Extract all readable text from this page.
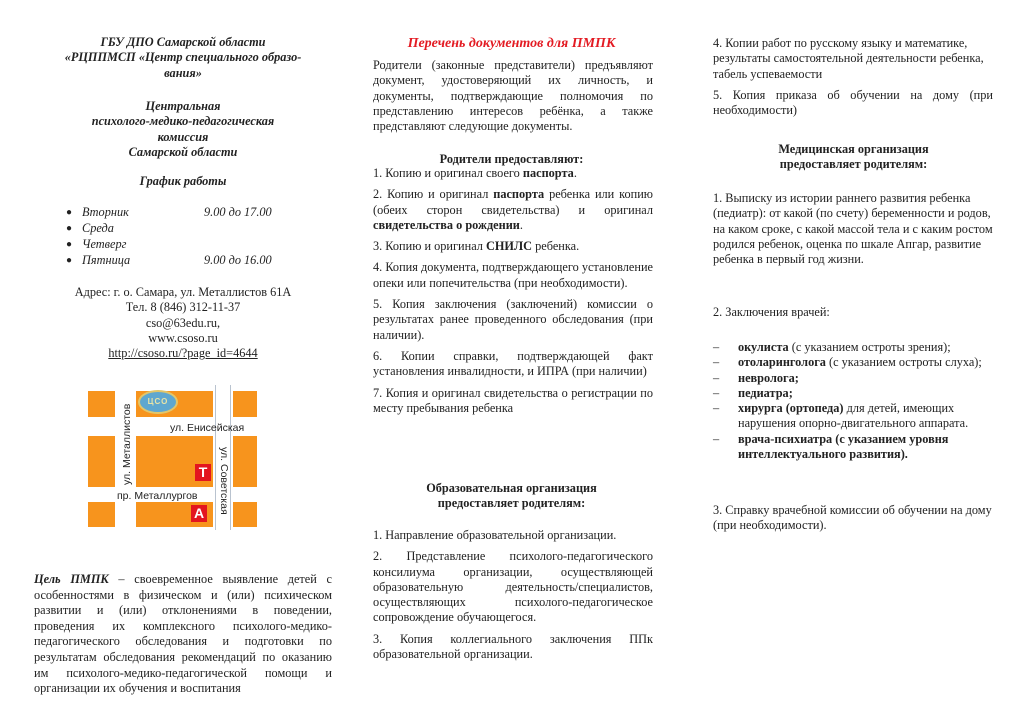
ГБУ ДПО Самарской области
«РЦППМСП «Центр специального образо-
вания»
Центральная
психолого-медико-педагогическая
комиссия
Самарской области
График работы
● Вторник	9.00 до 17.00
● Среда
● Четверг
● Пятница	9.00 до 16.00
Адрес: г. о. Самара, ул. Металлистов 61А
Тел. 8 (846) 312-11-37
cso@63edu.ru,
www.csoso.ru
http://csoso.ru/?page_id=4644
ЦСО
ул. Металлистов	ул. Енисейская
ул. Советская
пр. Металлургов
Т
А
Цель ПМПК – своевременное выявление детей с особенностями в физическом и (или) психическом развитии и (или) отклонениями в поведении, проведения их комплексного психолого-медико-педагогического обследования и подготовки по результатам обследования рекомендаций по оказанию им психолого-медико-педагогической помощи и организации их обучения и воспитания
Перечень документов для ПМПК

Родители (законные представители) предъявляют документ, удостоверяющий их личность, и документы, подтверждающие полномочия по представлению интересов ребёнка, а также представляют следующие документы.

Родители предоставляют:

1. Копию и оригинал своего паспорта.

2. Копию и оригинал паспорта ребенка или копию (обеих сторон свидетельства) и оригинал свидетельства о рождении.

3. Копию и оригинал СНИЛС ребенка.

4. Копия документа, подтверждающего установление опеки или попечительства (при необходимости).

5. Копия заключения (заключений) комиссии о результатах ранее проведенного обследования (при наличии).

6. Копии справки, подтверждающей факт установления инвалидности, и ИПРА (при наличии)

7. Копия и оригинал свидетельства о регистрации по месту пребывания ребенка

Образовательная организация
предоставляет родителям:

1. Направление образовательной организации.

2. Представление психолого-педагогического консилиума организации, осуществляющей образовательную деятельность/специалистов, осуществляющих психолого-педагогическое сопровождение обучающегося.

3. Копия коллегиального заключения ППк образовательной организации.

4. Копии работ по русскому языку и математике, результаты самостоятельной деятельности ребенка, табель успеваемости

5. Копия приказа об обучении на дому (при необходимости)

Медицинская организация
предоставляет родителям:

1. Выписку из истории раннего развития ребенка (педиатр): от какой (по счету) беременности и родов, на каком сроке, с какой массой тела и с каким ростом родился ребенок, оценка по шкале Апгар, развитие ребенка в первый год жизни.

2. Заключения врачей:

– окулиста (с указанием остроты зрения);
– отоларинголога (с указанием остроты слуха);
– невролога;
– педиатра;
– хирурга (ортопеда) для детей, имеющих нарушения опорно-двигательного аппарата.
– врача-психиатра (с указанием уровня интеллектуального развития).

3. Справку врачебной комиссии об обучении на дому (при необходимости).
